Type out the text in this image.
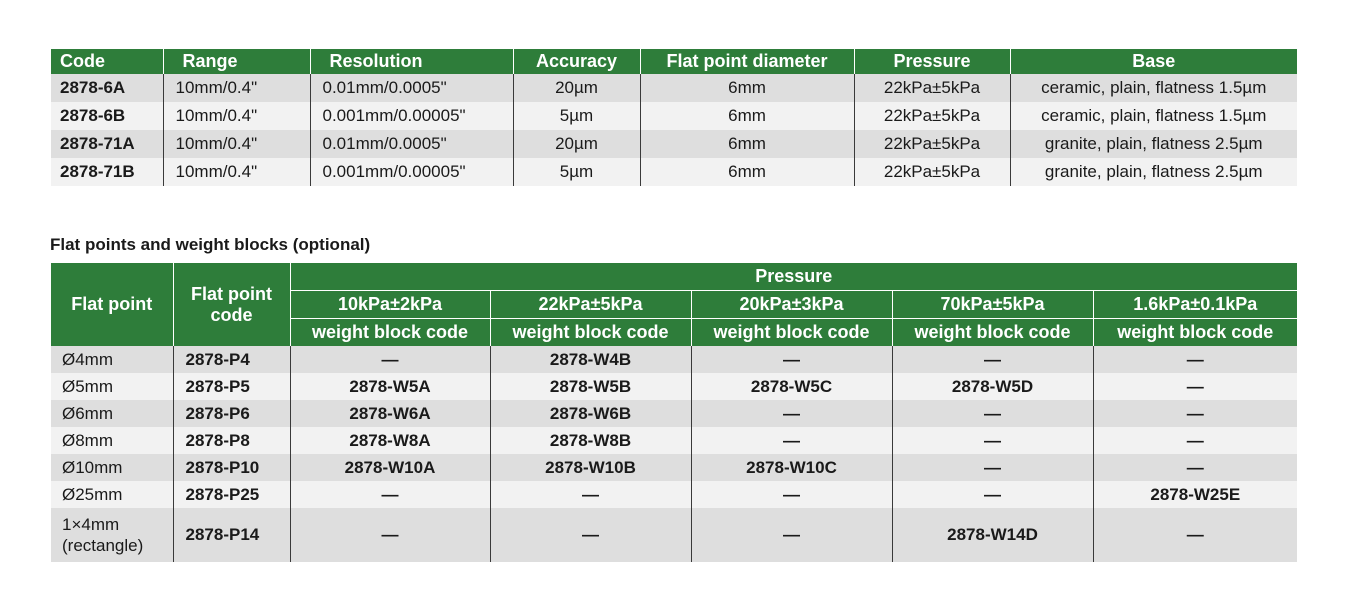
Code	Range	Resolution	Accuracy	Flat point diameter	Pressure	Base
2878-6A	10mm/0.4"	0.01mm/0.0005"	20µm	6mm	22kPa±5kPa	ceramic, plain, flatness 1.5µm
2878-6B	10mm/0.4"	0.001mm/0.00005"	5µm	6mm	22kPa±5kPa	ceramic, plain, flatness 1.5µm
2878-71A	10mm/0.4"	0.01mm/0.0005"	20µm	6mm	22kPa±5kPa	granite, plain, flatness 2.5µm
2878-71B	10mm/0.4"	0.001mm/0.00005"	5µm	6mm	22kPa±5kPa	granite, plain, flatness 2.5µm
Flat points and weight blocks (optional)
Flat point	Flat point code	Pressure				
		10kPa±2kPa	22kPa±5kPa	20kPa±3kPa	70kPa±5kPa	1.6kPa±0.1kPa
		weight block code	weight block code	weight block code	weight block code	weight block code

Ø4mm	2878-P4	—	2878-W4B	—	—	—

Ø5mm	2878-P5	2878-W5A	2878-W5B	2878-W5C	2878-W5D	—

Ø6mm	2878-P6	2878-W6A	2878-W6B	—	—	—

Ø8mm	2878-P8	2878-W8A	2878-W8B	—	—	—

Ø10mm	2878-P10	2878-W10A	2878-W10B	2878-W10C	—	—

Ø25mm	2878-P25	—	—	—	—	2878-W25E

1×4mm
(rectangle)	2878-P14	—	—	—	2878-W14D	—
